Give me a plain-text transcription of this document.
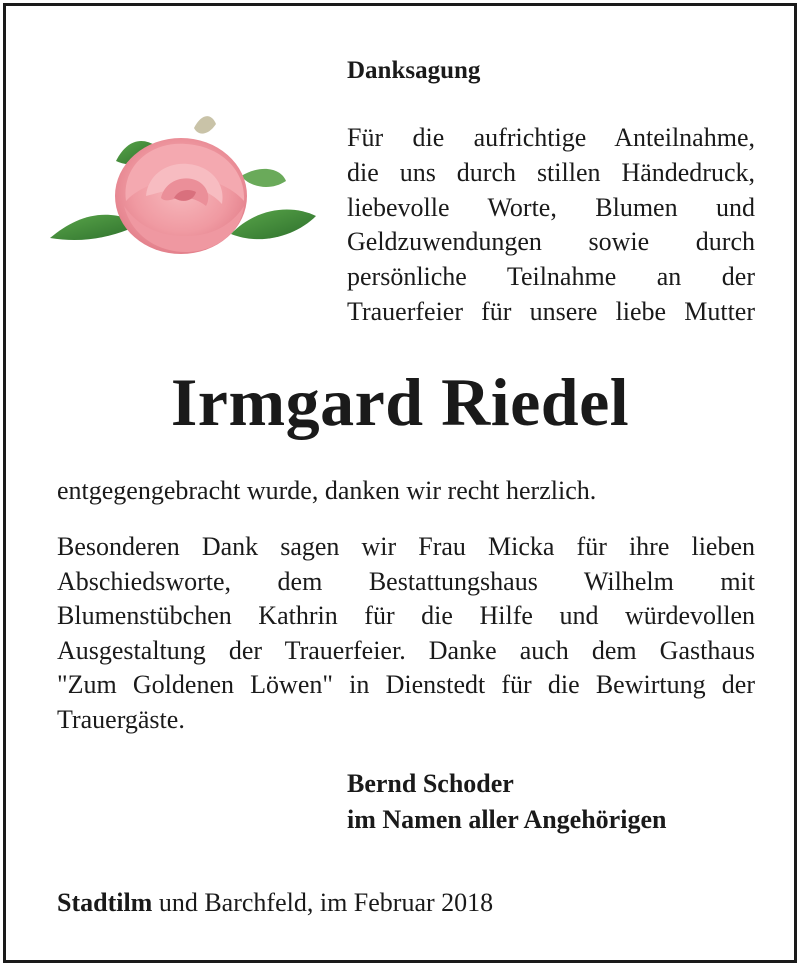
Danksagung
Für die aufrichtige Anteilnahme,
die uns durch stillen Händedruck,
liebevolle Worte, Blumen und
Geldzuwendungen sowie durch
persönliche Teilnahme an der
Trauerfeier für unsere liebe Mutter
Irmgard Riedel
entgegengebracht wurde, danken wir recht herzlich.
Besonderen Dank sagen wir Frau Micka für ihre lieben
Abschiedsworte, dem Bestattungshaus Wilhelm mit
Blumenstübchen Kathrin für die Hilfe und würdevollen
Ausgestaltung der Trauerfeier. Danke auch dem Gasthaus
"Zum Goldenen Löwen" in Dienstedt für die Bewirtung der
Trauergäste.
Bernd Schoder
im Namen aller Angehörigen
Stadtilm und Barchfeld, im Februar 2018
